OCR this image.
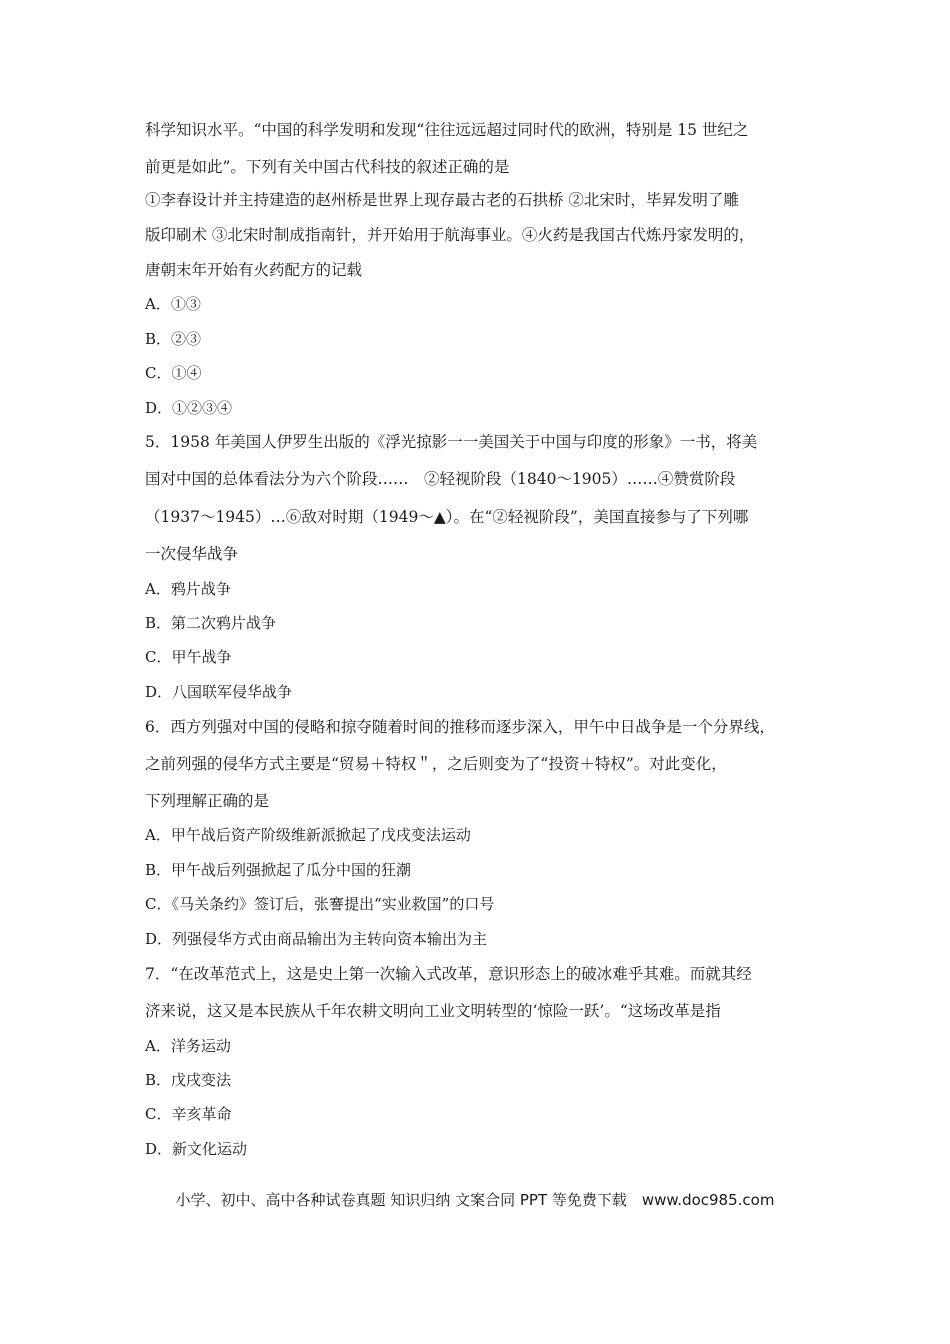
科学知识水平。“中国的科学发明和发现“往往远远超过同时代的欧洲，特别是 15 世纪之
前更是如此”。下列有关中国古代科技的叙述正确的是
①李春设计并主持建造的赵州桥是世界上现存最古老的石拱桥 ②北宋时，毕昇发明了雕
版印刷术 ③北宋时制成指南针，并开始用于航海事业。④火药是我国古代炼丹家发明的，
唐朝末年开始有火药配方的记载
A．①③
B．②③
C．①④
D．①②③④
5．1958 年美国人伊罗生出版的《浮光掠影一一美国关于中国与印度的形象》一书，将美
国对中国的总体看法分为六个阶段……　②轻视阶段（1840～1905）……④赞赏阶段
（1937～1945）…⑥敌对时期（1949～▲）。在“②轻视阶段”，美国直接参与了下列哪
一次侵华战争
A．鸦片战争
B．第二次鸦片战争
C．甲午战争
D．八国联军侵华战争
6．西方列强对中国的侵略和掠夺随着时间的推移而逐步深入，甲午中日战争是一个分界线，
之前列强的侵华方式主要是“贸易＋特权＂，之后则变为了“投资＋特权”。对此变化，
下列理解正确的是
A．甲午战后资产阶级维新派掀起了戊戌变法运动
B．甲午战后列强掀起了瓜分中国的狂潮
C．《马关条约》签订后，张謇提出“实业救国”的口号
D．列强侵华方式由商品输出为主转向资本输出为主
7．“在改革范式上，这是史上第一次输入式改革，意识形态上的破冰难乎其难。而就其经
济来说，这又是本民族从千年农耕文明向工业文明转型的‘惊险一跃’。“这场改革是指
A．洋务运动
B．戊戌变法
C．辛亥革命
D．新文化运动
小学、初中、高中各种试卷真题 知识归纳 文案合同 PPT 等免费下载　www.doc985.com
